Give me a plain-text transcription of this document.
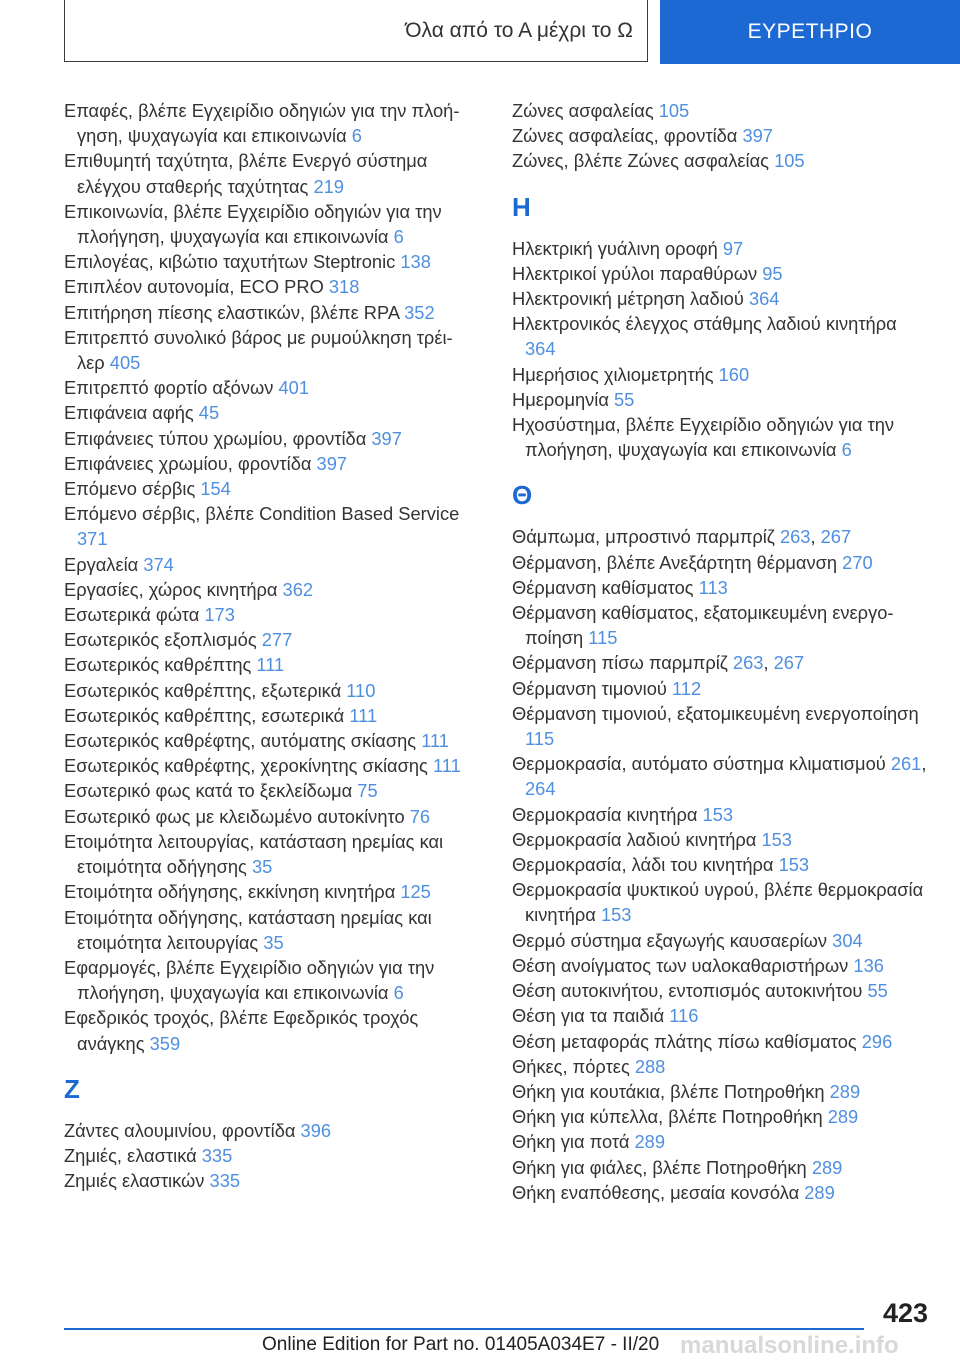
Όλα από το Α μέχρι το Ω	ΕΥΡΕΤΗΡΙΟ
Επαφές, βλέπε Εγχειρίδιο οδηγιών για την πλοήγηση, ψυχαγωγία και επικοινωνία 6
Επιθυμητή ταχύτητα, βλέπε Ενεργό σύστημα ελέγχου σταθερής ταχύτητας 219
Επικοινωνία, βλέπε Εγχειρίδιο οδηγιών για την πλοήγηση, ψυχαγωγία και επικοινωνία 6
Επιλογέας, κιβώτιο ταχυτήτων Steptronic 138
Επιπλέον αυτονομία, ECO PRO 318
Επιτήρηση πίεσης ελαστικών, βλέπε RPA 352
Επιτρεπτό συνολικό βάρος με ρυμούλκηση τρέιλερ 405
Επιτρεπτό φορτίο αξόνων 401
Επιφάνεια αφής 45
Επιφάνειες τύπου χρωμίου, φροντίδα 397
Επιφάνειες χρωμίου, φροντίδα 397
Επόμενο σέρβις 154
Επόμενο σέρβις, βλέπε Condition Based Service 371
Εργαλεία 374
Εργασίες, χώρος κινητήρα 362
Εσωτερικά φώτα 173
Εσωτερικός εξοπλισμός 277
Εσωτερικός καθρέπτης 111
Εσωτερικός καθρέπτης, εξωτερικά 110
Εσωτερικός καθρέπτης, εσωτερικά 111
Εσωτερικός καθρέφτης, αυτόματης σκίασης 111
Εσωτερικός καθρέφτης, χεροκίνητης σκίασης 111
Εσωτερικό φως κατά το ξεκλείδωμα 75
Εσωτερικό φως με κλειδωμένο αυτοκίνητο 76
Ετοιμότητα λειτουργίας, κατάσταση ηρεμίας και ετοιμότητα οδήγησης 35
Ετοιμότητα οδήγησης, εκκίνηση κινητήρα 125
Ετοιμότητα οδήγησης, κατάσταση ηρεμίας και ετοιμότητα λειτουργίας 35
Εφαρμογές, βλέπε Εγχειρίδιο οδηγιών για την πλοήγηση, ψυχαγωγία και επικοινωνία 6
Εφεδρικός τροχός, βλέπε Εφεδρικός τροχός ανάγκης 359
Z
Ζάντες αλουμινίου, φροντίδα 396
Ζημιές, ελαστικά 335
Ζημιές ελαστικών 335
Ζώνες ασφαλείας 105
Ζώνες ασφαλείας, φροντίδα 397
Ζώνες, βλέπε Ζώνες ασφαλείας 105
H
Ηλεκτρική γυάλινη οροφή 97
Ηλεκτρικοί γρύλοι παραθύρων 95
Ηλεκτρονική μέτρηση λαδιού 364
Ηλεκτρονικός έλεγχος στάθμης λαδιού κινητήρα 364
Ημερήσιος χιλιομετρητής 160
Ημερομηνία 55
Ηχοσύστημα, βλέπε Εγχειρίδιο οδηγιών για την πλοήγηση, ψυχαγωγία και επικοινωνία 6
Θ
Θάμπωμα, μπροστινό παρμπρίζ 263, 267
Θέρμανση, βλέπε Ανεξάρτητη θέρμανση 270
Θέρμανση καθίσματος 113
Θέρμανση καθίσματος, εξατομικευμένη ενεργοποίηση 115
Θέρμανση πίσω παρμπρίζ 263, 267
Θέρμανση τιμονιού 112
Θέρμανση τιμονιού, εξατομικευμένη ενεργοποίηση 115
Θερμοκρασία, αυτόματο σύστημα κλιματισμού 261, 264
Θερμοκρασία κινητήρα 153
Θερμοκρασία λαδιού κινητήρα 153
Θερμοκρασία, λάδι του κινητήρα 153
Θερμοκρασία ψυκτικού υγρού, βλέπε θερμοκρασία κινητήρα 153
Θερμό σύστημα εξαγωγής καυσαερίων 304
Θέση ανοίγματος των υαλοκαθαριστήρων 136
Θέση αυτοκινήτου, εντοπισμός αυτοκινήτου 55
Θέση για τα παιδιά 116
Θέση μεταφοράς πλάτης πίσω καθίσματος 296
Θήκες, πόρτες 288
Θήκη για κουτάκια, βλέπε Ποτηροθήκη 289
Θήκη για κύπελλα, βλέπε Ποτηροθήκη 289
Θήκη για ποτά 289
Θήκη για φιάλες, βλέπε Ποτηροθήκη 289
Θήκη εναπόθεσης, μεσαία κονσόλα 289
423
Online Edition for Part no. 01405A034E7 - II/20 manualsonline.info
